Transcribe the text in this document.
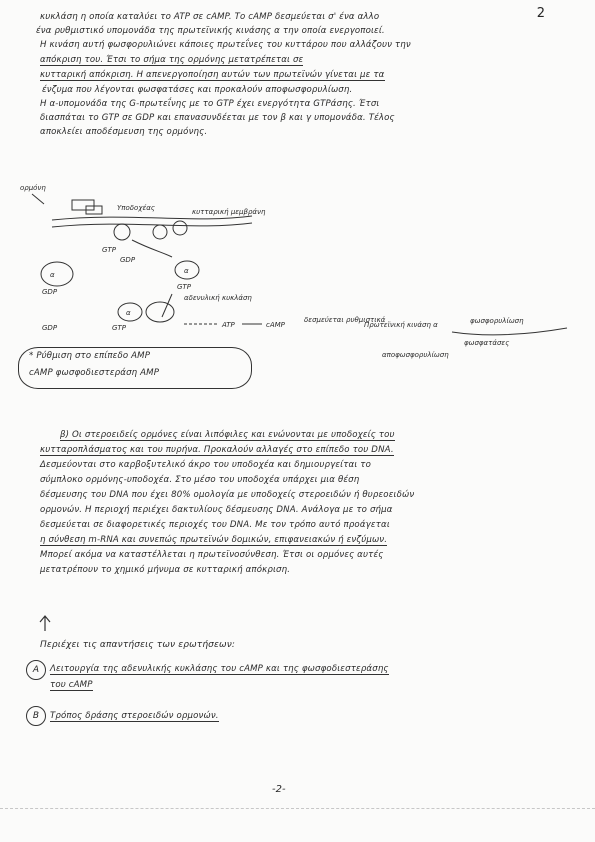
2
κυκλάση η οποία καταλύει το ATP σε cAMP. Το cAMP δεσμεύεται σ' ένα αλλο
ένα ρυθμιστικό υπομονάδα της πρωτεϊνικής κινάσης α την οποία ενεργοποιεί.
Η κινάση αυτή φωσφορυλιώνει κάποιες πρωτεΐνες του κυττάρου που αλλάζουν την
απόκριση του. Έτσι το σήμα της ορμόνης μετατρέπεται σε
κυτταρική απόκριση. Η απενεργοποίηση αυτών των πρωτεϊνών γίνεται με τα
ένζυμα που λέγονται φωσφατάσες και προκαλούν αποφωσφορυλίωση.
Η α-υπομονάδα της G-πρωτεΐνης με το GTP έχει ενεργότητα GTPάσης. Έτσι
διασπάται το GTP σε GDP και επανασυνδέεται με τον β και γ υπομονάδα. Τέλος
αποκλείει αποδέσμευση της ορμόνης.
ορμόνη
Υποδοχέας	κυτταρική μεμβράνη
GTP
GDP
α
GDP
α
GTP
α
αδενυλική κυκλάση
GDP	GTP	ATP	cAMP
δεσμεύεται ρυθμιστικά
Πρωτεϊνική κινάση α	φωσφορυλίωση
φωσφατάσες
αποφωσφορυλίωση
* Ρύθμιση στο επίπεδο AMP
cAMP φωσφοδιεστεράση AMP
β) Οι στεροειδείς ορμόνες είναι λιπόφιλες και ενώνονται με υποδοχείς του
κυτταροπλάσματος και του πυρήνα. Προκαλούν αλλαγές στο επίπεδο του DNA.
Δεσμεύονται στο καρβοξυτελικό άκρο του υποδοχέα και δημιουργείται το
σύμπλοκο ορμόνης-υποδοχέα. Στο μέσο του υποδοχέα υπάρχει μια θέση
δέσμευσης του DNA που έχει 80% ομολογία με υποδοχείς στεροειδών ή θυρεοειδών
ορμονών. Η περιοχή περιέχει δακτυλίους δέσμευσης DNA. Ανάλογα με το σήμα
δεσμεύεται σε διαφορετικές περιοχές του DNA. Με τον τρόπο αυτό προάγεται
η σύνθεση m-RNA και συνεπώς πρωτεϊνών δομικών, επιφανειακών ή ενζύμων.
Μπορεί ακόμα να καταστέλλεται η πρωτεϊνοσύνθεση. Έτσι οι ορμόνες αυτές
μετατρέπουν το χημικό μήνυμα σε κυτταρική απόκριση.
Περιέχει τις απαντήσεις των ερωτήσεων:
A	Λειτουργία της αδενυλικής κυκλάσης του cAMP και της φωσφοδιεστεράσης
του cAMP
B	Τρόπος δράσης στεροειδών ορμονών.
-2-
